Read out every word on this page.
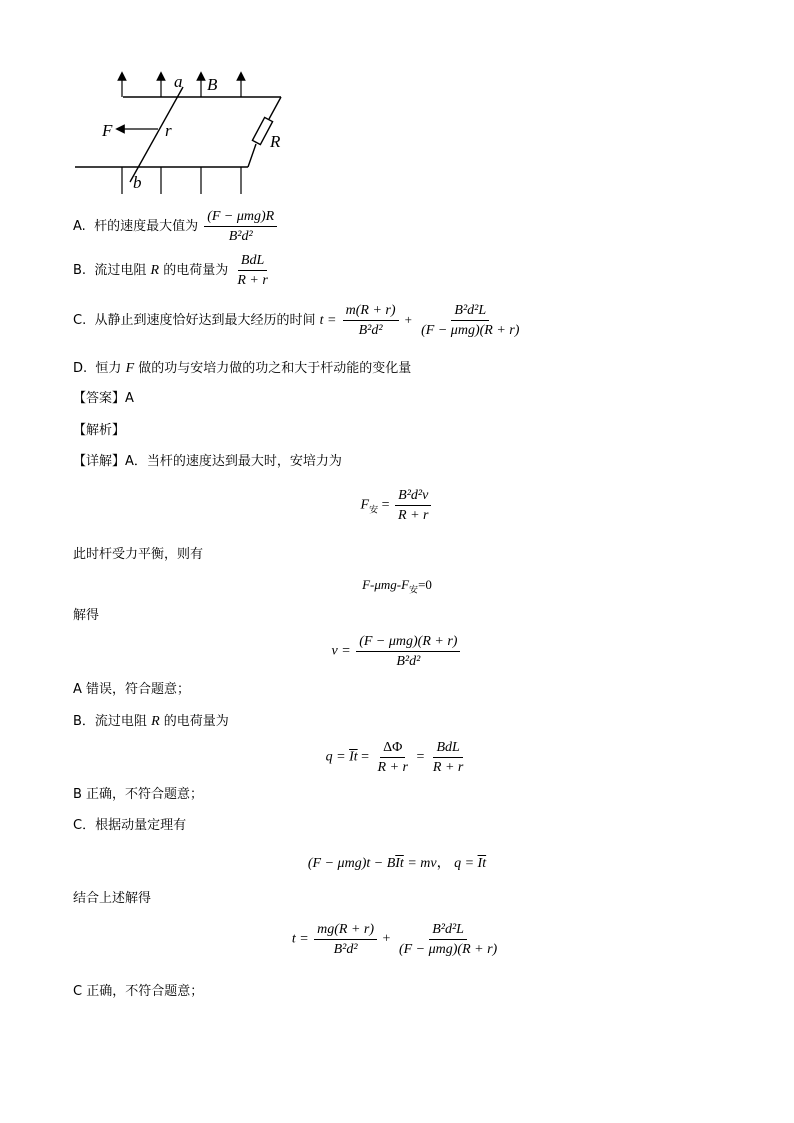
a
b
B
F	r
R
A. 杆的速度最大值为 $\frac{\text{(F − μmg)R}}{\text{B²d²}}$
B. 流过电阻 R 的电荷量为 $\frac{\text{BdL}}{R + r}$
C. 从静止到速度恰好达到最大经历的时间 $t = \frac{m(R + r)}{\text{B²d²}} + \frac{\text{B²d²L}}{\text{(F − μmg)(R + r)}}$
D. 恒力 F 做的功与安培力做的功之和大于杆动能的变化量
【答案】A
【解析】
【详解】A．当杆的速度达到最大时，安培力为
$F_安 = \frac{\text{B²d²v}}{R + r}$
此时杆受力平衡，则有
$F-\mu mg-F_安=0$
解得
$v = \frac{\text{(F − μmg)(R + r)}}{\text{B²d²}}$
A 错误，符合题意；
B．流过电阻 R 的电荷量为
$q = \overline{It} = \frac{\Delta\Phi}{R + r} = \frac{\text{BdL}}{R + r}$
B 正确，不符合题意；
C．根据动量定理有
$(F - \mu mg)t - B\overline{It}$ = mv， $q = \overline{It}$
结合上述解得
$t = \frac{mg(R + r)}{\text{B²d²}} + \frac{\text{B²d²L}}{\text{(F − μmg)(R + r)}}$
C 正确，不符合题意；
